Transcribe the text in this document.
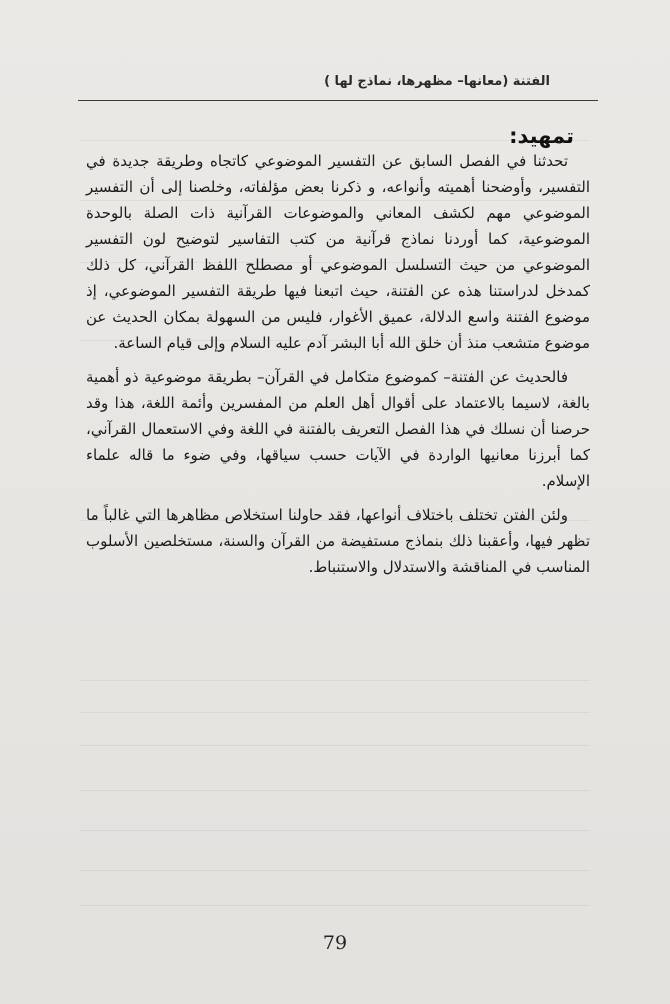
الفتنة (معانها– مظهرها، نماذج لها )
تمهيد:

تحدثنا في الفصل السابق عن التفسير الموضوعي كاتجاه وطريقة جديدة في التفسير، وأوضحنا أهميته وأنواعه، و ذكرنا بعض مؤلفاته، وخلصنا إلى أن التفسير الموضوعي مهم لكشف المعاني والموضوعات القرآنية ذات الصلة بالوحدة الموضوعية، كما أوردنا نماذج قرآنية من كتب التفاسير لتوضيح لون التفسير الموضوعي من حيث التسلسل الموضوعي أو مصطلح اللفظ القرآني، كل ذلك كمدخل لدراستنا هذه عن الفتنة، حيث اتبعنا فيها طريقة التفسير الموضوعي، إذ موضوع الفتنة واسع الدلالة، عميق الأغوار، فليس من السهولة بمكان الحديث عن موضوع متشعب منذ أن خلق الله أبا البشر آدم عليه السلام وإلى قيام الساعة.

فالحديث عن الفتنة– كموضوع متكامل في القرآن– بطريقة موضوعية ذو أهمية بالغة، لاسيما بالاعتماد على أقوال أهل العلم من المفسرين وأئمة اللغة، هذا وقد حرصنا أن نسلك في هذا الفصل التعريف بالفتنة في اللغة وفي الاستعمال القرآني، كما أبرزنا معانيها الواردة في الآيات حسب سياقها، وفي ضوء ما قاله علماء الإسلام.

ولئن الفتن تختلف باختلاف أنواعها، فقد حاولنا استخلاص مظاهرها التي غالباً ما تظهر فيها، وأعقبنا ذلك بنماذج مستفيضة من القرآن والسنة، مستخلصين الأسلوب المناسب في المناقشة والاستدلال والاستنباط.

79
